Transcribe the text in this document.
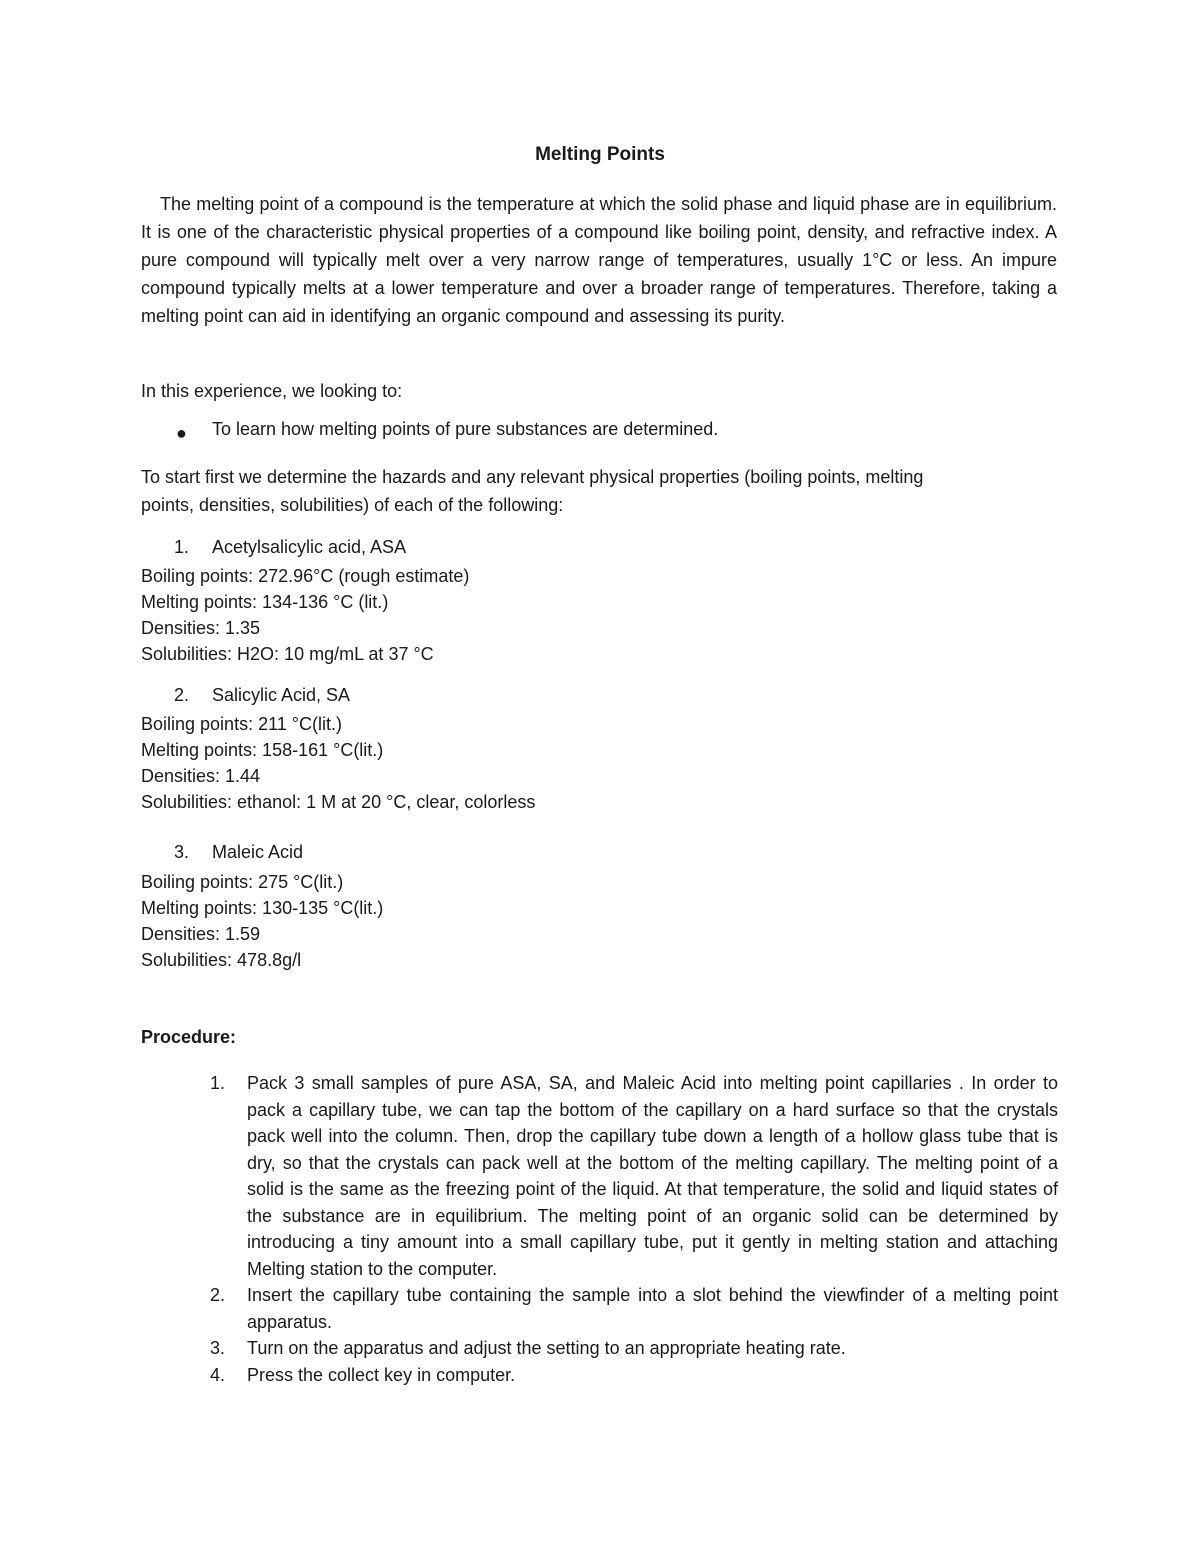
Melting Points

The melting point of a compound is the temperature at which the solid phase and liquid phase are in equilibrium. It is one of the characteristic physical properties of a compound like boiling point, density, and refractive index. A pure compound will typically melt over a very narrow range of temperatures, usually 1°C or less. An impure compound typically melts at a lower temperature and over a broader range of temperatures. Therefore, taking a melting point can aid in identifying an organic compound and assessing its purity.

In this experience, we looking to:

● To learn how melting points of pure substances are determined.

To start first we determine the hazards and any relevant physical properties (boiling points, melting

points, densities, solubilities) of each of the following:

1. Acetylsalicylic acid, ASA

Boiling points: 272.96°C (rough estimate)

Melting points: 134-136 °C (lit.)

Densities: 1.35

Solubilities: H2O: 10 mg/mL at 37 °C

2. Salicylic Acid, SA

Boiling points: 211 °C(lit.)

Melting points: 158-161 °C(lit.)

Densities: 1.44

Solubilities: ethanol: 1 M at 20 °C, clear, colorless

3. Maleic Acid

Boiling points: 275 °C(lit.)

Melting points: 130-135 °C(lit.)

Densities: 1.59

Solubilities: 478.8g/l

Procedure:
1. Pack 3 small samples of pure ASA, SA, and Maleic Acid into melting point capillaries . In order to pack a capillary tube, we can tap the bottom of the capillary on a hard surface so that the crystals pack well into the column. Then, drop the capillary tube down a length of a hollow glass tube that is dry, so that the crystals can pack well at the bottom of the melting capillary. The melting point of a solid is the same as the freezing point of the liquid. At that temperature, the solid and liquid states of the substance are in equilibrium. The melting point of an organic solid can be determined by introducing a tiny amount into a small capillary tube, put it gently in melting station and attaching Melting station to the computer.
2. Insert the capillary tube containing the sample into a slot behind the viewfinder of a melting point apparatus.
3. Turn on the apparatus and adjust the setting to an appropriate heating rate.
4. Press the collect key in computer.
